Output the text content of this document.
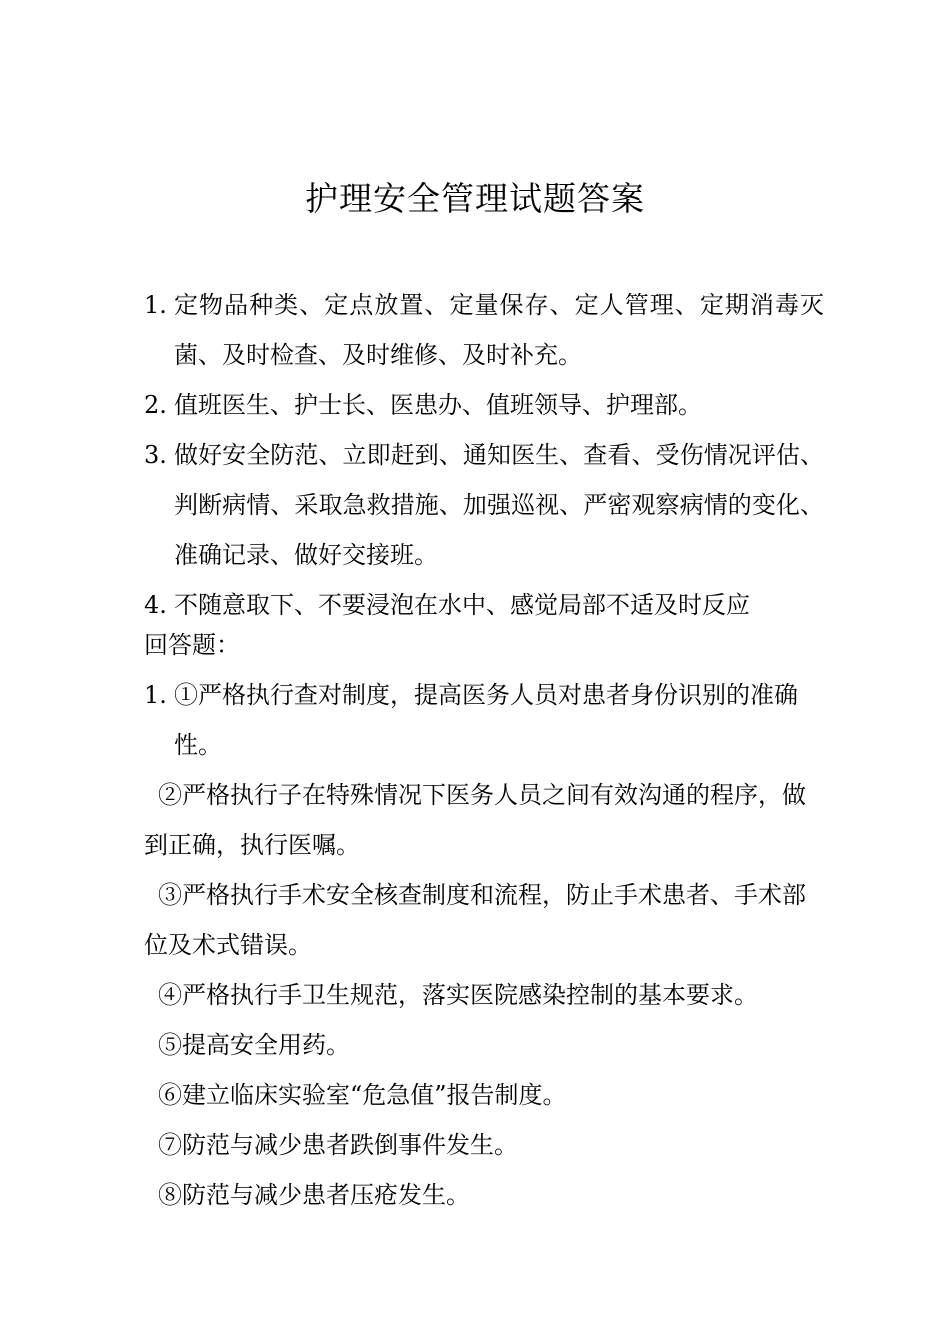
护理安全管理试题答案
1. 定物品种类、定点放置、定量保存、定人管理、定期消毒灭菌、及时检查、及时维修、及时补充。
2. 值班医生、护士长、医患办、值班领导、护理部。
3. 做好安全防范、立即赶到、通知医生、查看、受伤情况评估、判断病情、采取急救措施、加强巡视、严密观察病情的变化、准确记录、做好交接班。
4. 不随意取下、不要浸泡在水中、感觉局部不适及时反应
回答题：
1. ①严格执行查对制度，提高医务人员对患者身份识别的准确性。
②严格执行子在特殊情况下医务人员之间有效沟通的程序，做到正确，执行医嘱。
③严格执行手术安全核查制度和流程，防止手术患者、手术部位及术式错误。
④严格执行手卫生规范，落实医院感染控制的基本要求。
⑤提高安全用药。
⑥建立临床实验室“危急值”报告制度。
⑦防范与减少患者跌倒事件发生。
⑧防范与减少患者压疮发生。
